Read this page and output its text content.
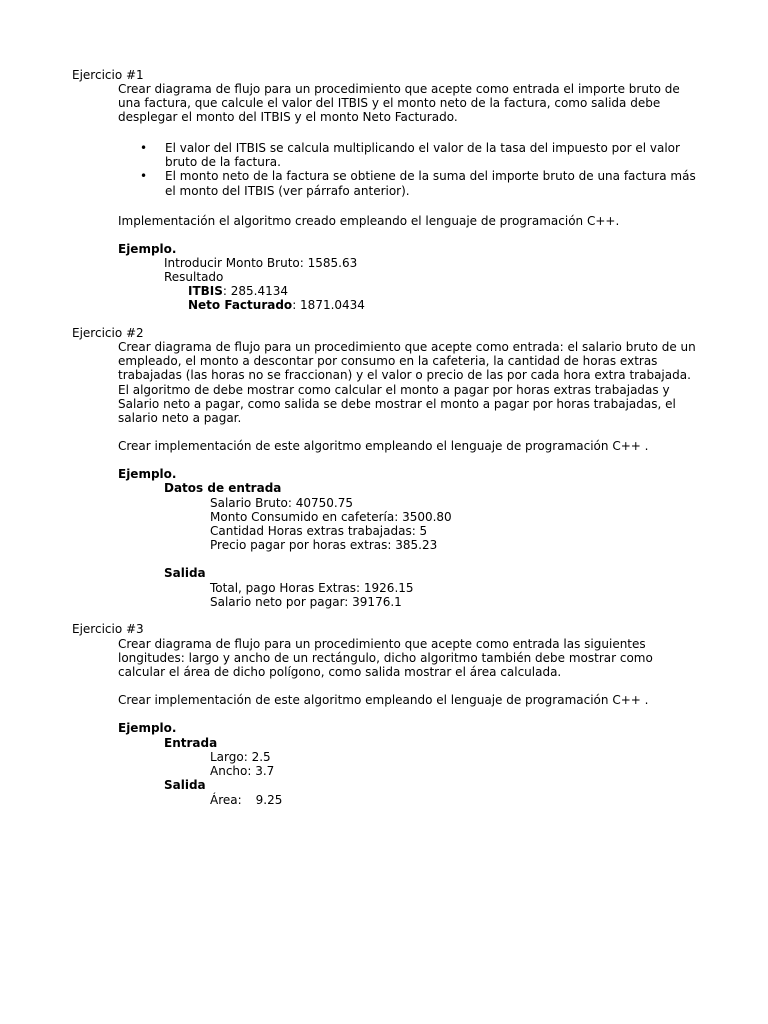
Ejercicio #1
Crear diagrama de flujo para un procedimiento que acepte como entrada el importe bruto de una factura, que calcule el valor del ITBIS y el monto neto de la factura, como salida debe desplegar el monto del ITBIS y el monto Neto Facturado.
• El valor del ITBIS se calcula multiplicando el valor de la tasa del impuesto por el valor bruto de la factura.
• El monto neto de la factura se obtiene de la suma del importe bruto de una factura más el monto del ITBIS (ver párrafo anterior).
Implementación el algoritmo creado empleando el lenguaje de programación C++.
Ejemplo.
Introducir Monto Bruto: 1585.63
Resultado
ITBIS: 285.4134
Neto Facturado: 1871.0434
Ejercicio #2
Crear diagrama de flujo para un procedimiento que acepte como entrada: el salario bruto de un empleado, el monto a descontar por consumo en la cafeteria, la cantidad de horas extras trabajadas (las horas no se fraccionan) y el valor o precio de las por cada hora extra trabajada. El algoritmo de debe mostrar como calcular el monto a pagar por horas extras trabajadas y Salario neto a pagar, como salida se debe mostrar el monto a pagar por horas trabajadas, el salario neto a pagar.
Crear implementación de este algoritmo empleando el lenguaje de programación C++ .
Ejemplo.
Datos de entrada
Salario Bruto: 40750.75
Monto Consumido en cafetería: 3500.80
Cantidad Horas extras trabajadas: 5
Precio pagar por horas extras: 385.23
Salida
Total, pago Horas Extras: 1926.15
Salario neto por pagar: 39176.1
Ejercicio #3
Crear diagrama de flujo para un procedimiento que acepte como entrada las siguientes longitudes: largo y ancho de un rectángulo, dicho algoritmo también debe mostrar como calcular el área de dicho polígono, como salida mostrar el área calculada.
Crear implementación de este algoritmo empleando el lenguaje de programación C++ .
Ejemplo.
Entrada
Largo: 2.5
Ancho: 3.7
Salida
Área: 9.25
